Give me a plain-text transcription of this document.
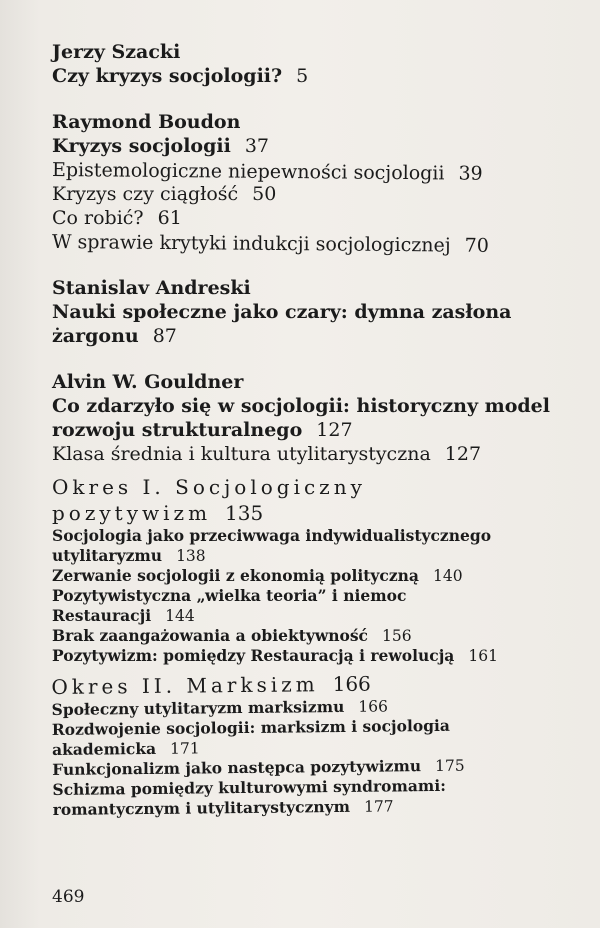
Jerzy Szacki
Czy kryzys socjologii? 5
Raymond Boudon
Kryzys socjologii 37
Epistemologiczne niepewności socjologii 39
Kryzys czy ciągłość 50
Co robić? 61
W sprawie krytyki indukcji socjologicznej 70
Stanislav Andreski
Nauki społeczne jako czary: dymna zasłona
żargonu 87
Alvin W. Gouldner
Co zdarzyło się w socjologii: historyczny model
rozwoju strukturalnego 127
Klasa średnia i kultura utylitarystyczna 127
Okres I. Socjologiczny
pozytywizm 135
Socjologia jako przeciwwaga indywidualistycznego
utylitaryzmu 138
Zerwanie socjologii z ekonomią polityczną 140
Pozytywistyczna „wielka teoria” i niemoc
Restauracji 144
Brak zaangażowania a obiektywność 156
Pozytywizm: pomiędzy Restauracją i rewolucją 161
Okres II. Marksizm 166
Społeczny utylitaryzm marksizmu 166
Rozdwojenie socjologii: marksizm i socjologia
akademicka 171
Funkcjonalizm jako następca pozytywizmu 175
Schizma pomiędzy kulturowymi syndromami:
romantycznym i utylitarystycznym 177
469
